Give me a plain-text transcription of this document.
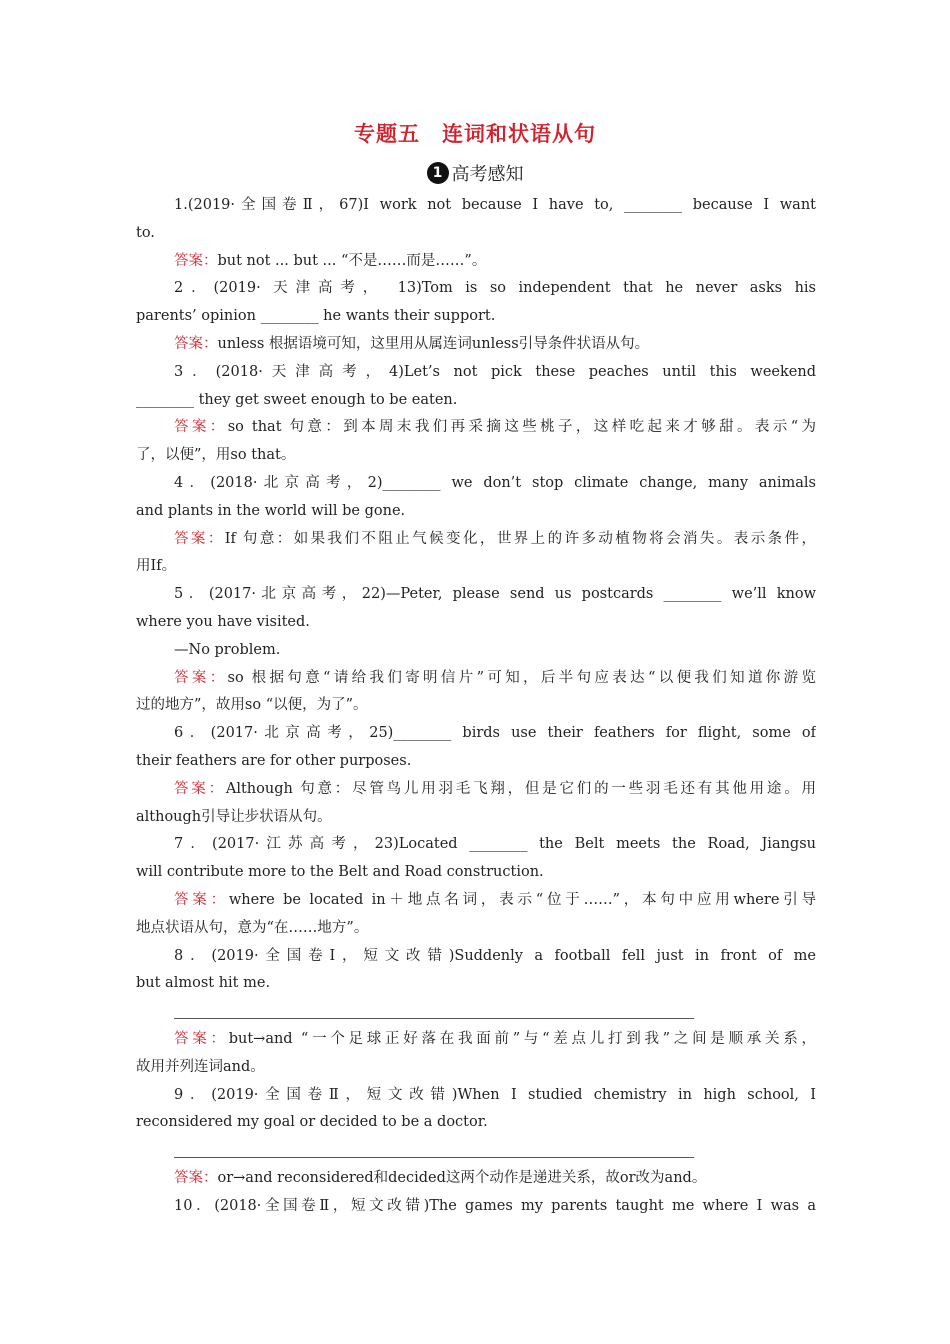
专题五　连词和状语从句
1 高考感知
1.(2019·全国卷Ⅱ，67)I work not because I have to, ________ because I want
to.
答案：but not ... but ... “不是……而是……”。
2．(2019· 天津高考， 13)Tom is so independent that he never asks his
parents’ opinion ________ he wants their support.
答案：unless 根据语境可知，这里用从属连词unless引导条件状语从句。
3．(2018·天津高考，4)Let’s not pick these peaches until this weekend
________ they get sweet enough to be eaten.
答案：so that 句意：到本周末我们再采摘这些桃子，这样吃起来才够甜。表示“为
了，以便”，用so that。
4．(2018·北京高考，2)________ we don’t stop climate change, many animals
and plants in the world will be gone.
答案：If 句意：如果我们不阻止气候变化，世界上的许多动植物将会消失。表示条件，
用If。
5．(2017·北京高考，22)—Peter, please send us postcards ________ we’ll know
where you have visited.
—No problem.
答案：so 根据句意“请给我们寄明信片”可知，后半句应表达“以便我们知道你游览
过的地方”，故用so “以便，为了”。
6．(2017·北京高考，25)________ birds use their feathers for flight, some of
their feathers are for other purposes.
答案：Although 句意：尽管鸟儿用羽毛飞翔，但是它们的一些羽毛还有其他用途。用
although引导让步状语从句。
7．(2017·江苏高考，23)Located ________ the Belt meets the Road, Jiangsu
will contribute more to the Belt and Road construction.
答案：where be located in＋地点名词，表示“位于……”，本句中应用where引导
地点状语从句，意为“在……地方”。
8．(2019·全国卷Ⅰ，短文改错)Suddenly a football fell just in front of me
but almost hit me.
答案：but→and “一个足球正好落在我面前”与“差点儿打到我”之间是顺承关系，
故用并列连词and。
9．(2019·全国卷Ⅱ，短文改错)When I studied chemistry in high school, I
reconsidered my goal or decided to be a doctor.
答案：or→and reconsidered和decided这两个动作是递进关系，故or改为and。
10．(2018·全国卷Ⅱ，短文改错)The games my parents taught me where I was a
